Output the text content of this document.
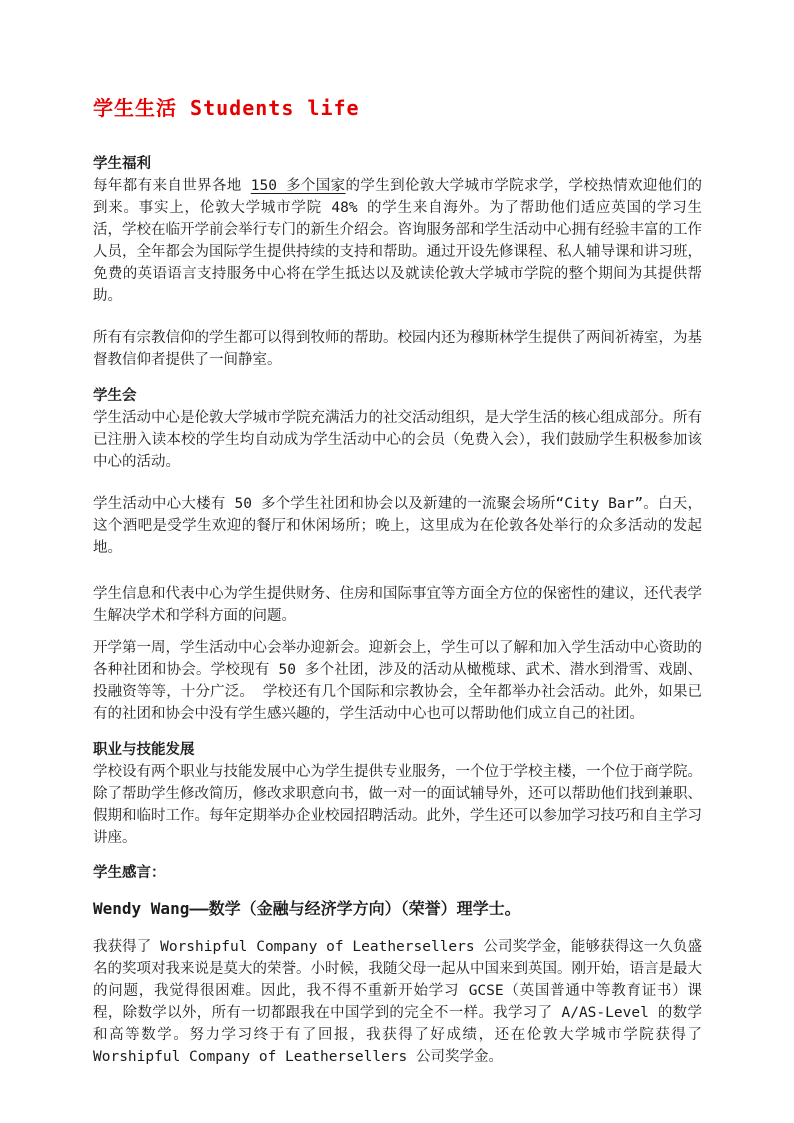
学生生活 Students life
学生福利

每年都有来自世界各地 150 多个国家的学生到伦敦大学城市学院求学，学校热情欢迎他们的到来。事实上，伦敦大学城市学院 48% 的学生来自海外。为了帮助他们适应英国的学习生活，学校在临开学前会举行专门的新生介绍会。咨询服务部和学生活动中心拥有经验丰富的工作人员，全年都会为国际学生提供持续的支持和帮助。通过开设先修课程、私人辅导课和讲习班，免费的英语语言支持服务中心将在学生抵达以及就读伦敦大学城市学院的整个期间为其提供帮助。

所有有宗教信仰的学生都可以得到牧师的帮助。校园内还为穆斯林学生提供了两间祈祷室，为基督教信仰者提供了一间静室。

学生会

学生活动中心是伦敦大学城市学院充满活力的社交活动组织，是大学生活的核心组成部分。所有已注册入读本校的学生均自动成为学生活动中心的会员（免费入会），我们鼓励学生积极参加该中心的活动。

学生活动中心大楼有 50 多个学生社团和协会以及新建的一流聚会场所“City Bar”。白天，这个酒吧是受学生欢迎的餐厅和休闲场所；晚上，这里成为在伦敦各处举行的众多活动的发起地。

学生信息和代表中心为学生提供财务、住房和国际事宜等方面全方位的保密性的建议，还代表学生解决学术和学科方面的问题。

开学第一周，学生活动中心会举办迎新会。迎新会上，学生可以了解和加入学生活动中心资助的各种社团和协会。学校现有 50 多个社团，涉及的活动从橄榄球、武术、潜水到滑雪、戏剧、投融资等等，十分广泛。 学校还有几个国际和宗教协会，全年都举办社会活动。此外，如果已有的社团和协会中没有学生感兴趣的，学生活动中心也可以帮助他们成立自己的社团。

职业与技能发展

学校设有两个职业与技能发展中心为学生提供专业服务，一个位于学校主楼，一个位于商学院。除了帮助学生修改简历，修改求职意向书，做一对一的面试辅导外，还可以帮助他们找到兼职、假期和临时工作。每年定期举办企业校园招聘活动。此外，学生还可以参加学习技巧和自主学习讲座。

学生感言：

Wendy Wang——数学（金融与经济学方向）（荣誉）理学士。

我获得了 Worshipful Company of Leathersellers 公司奖学金，能够获得这一久负盛名的奖项对我来说是莫大的荣誉。小时候，我随父母一起从中国来到英国。刚开始，语言是最大的问题，我觉得很困难。因此，我不得不重新开始学习 GCSE（英国普通中等教育证书）课程，除数学以外，所有一切都跟我在中国学到的完全不一样。我学习了 A/AS-Level 的数学和高等数学。努力学习终于有了回报，我获得了好成绩，还在伦敦大学城市学院获得了 Worshipful Company of Leathersellers 公司奖学金。
